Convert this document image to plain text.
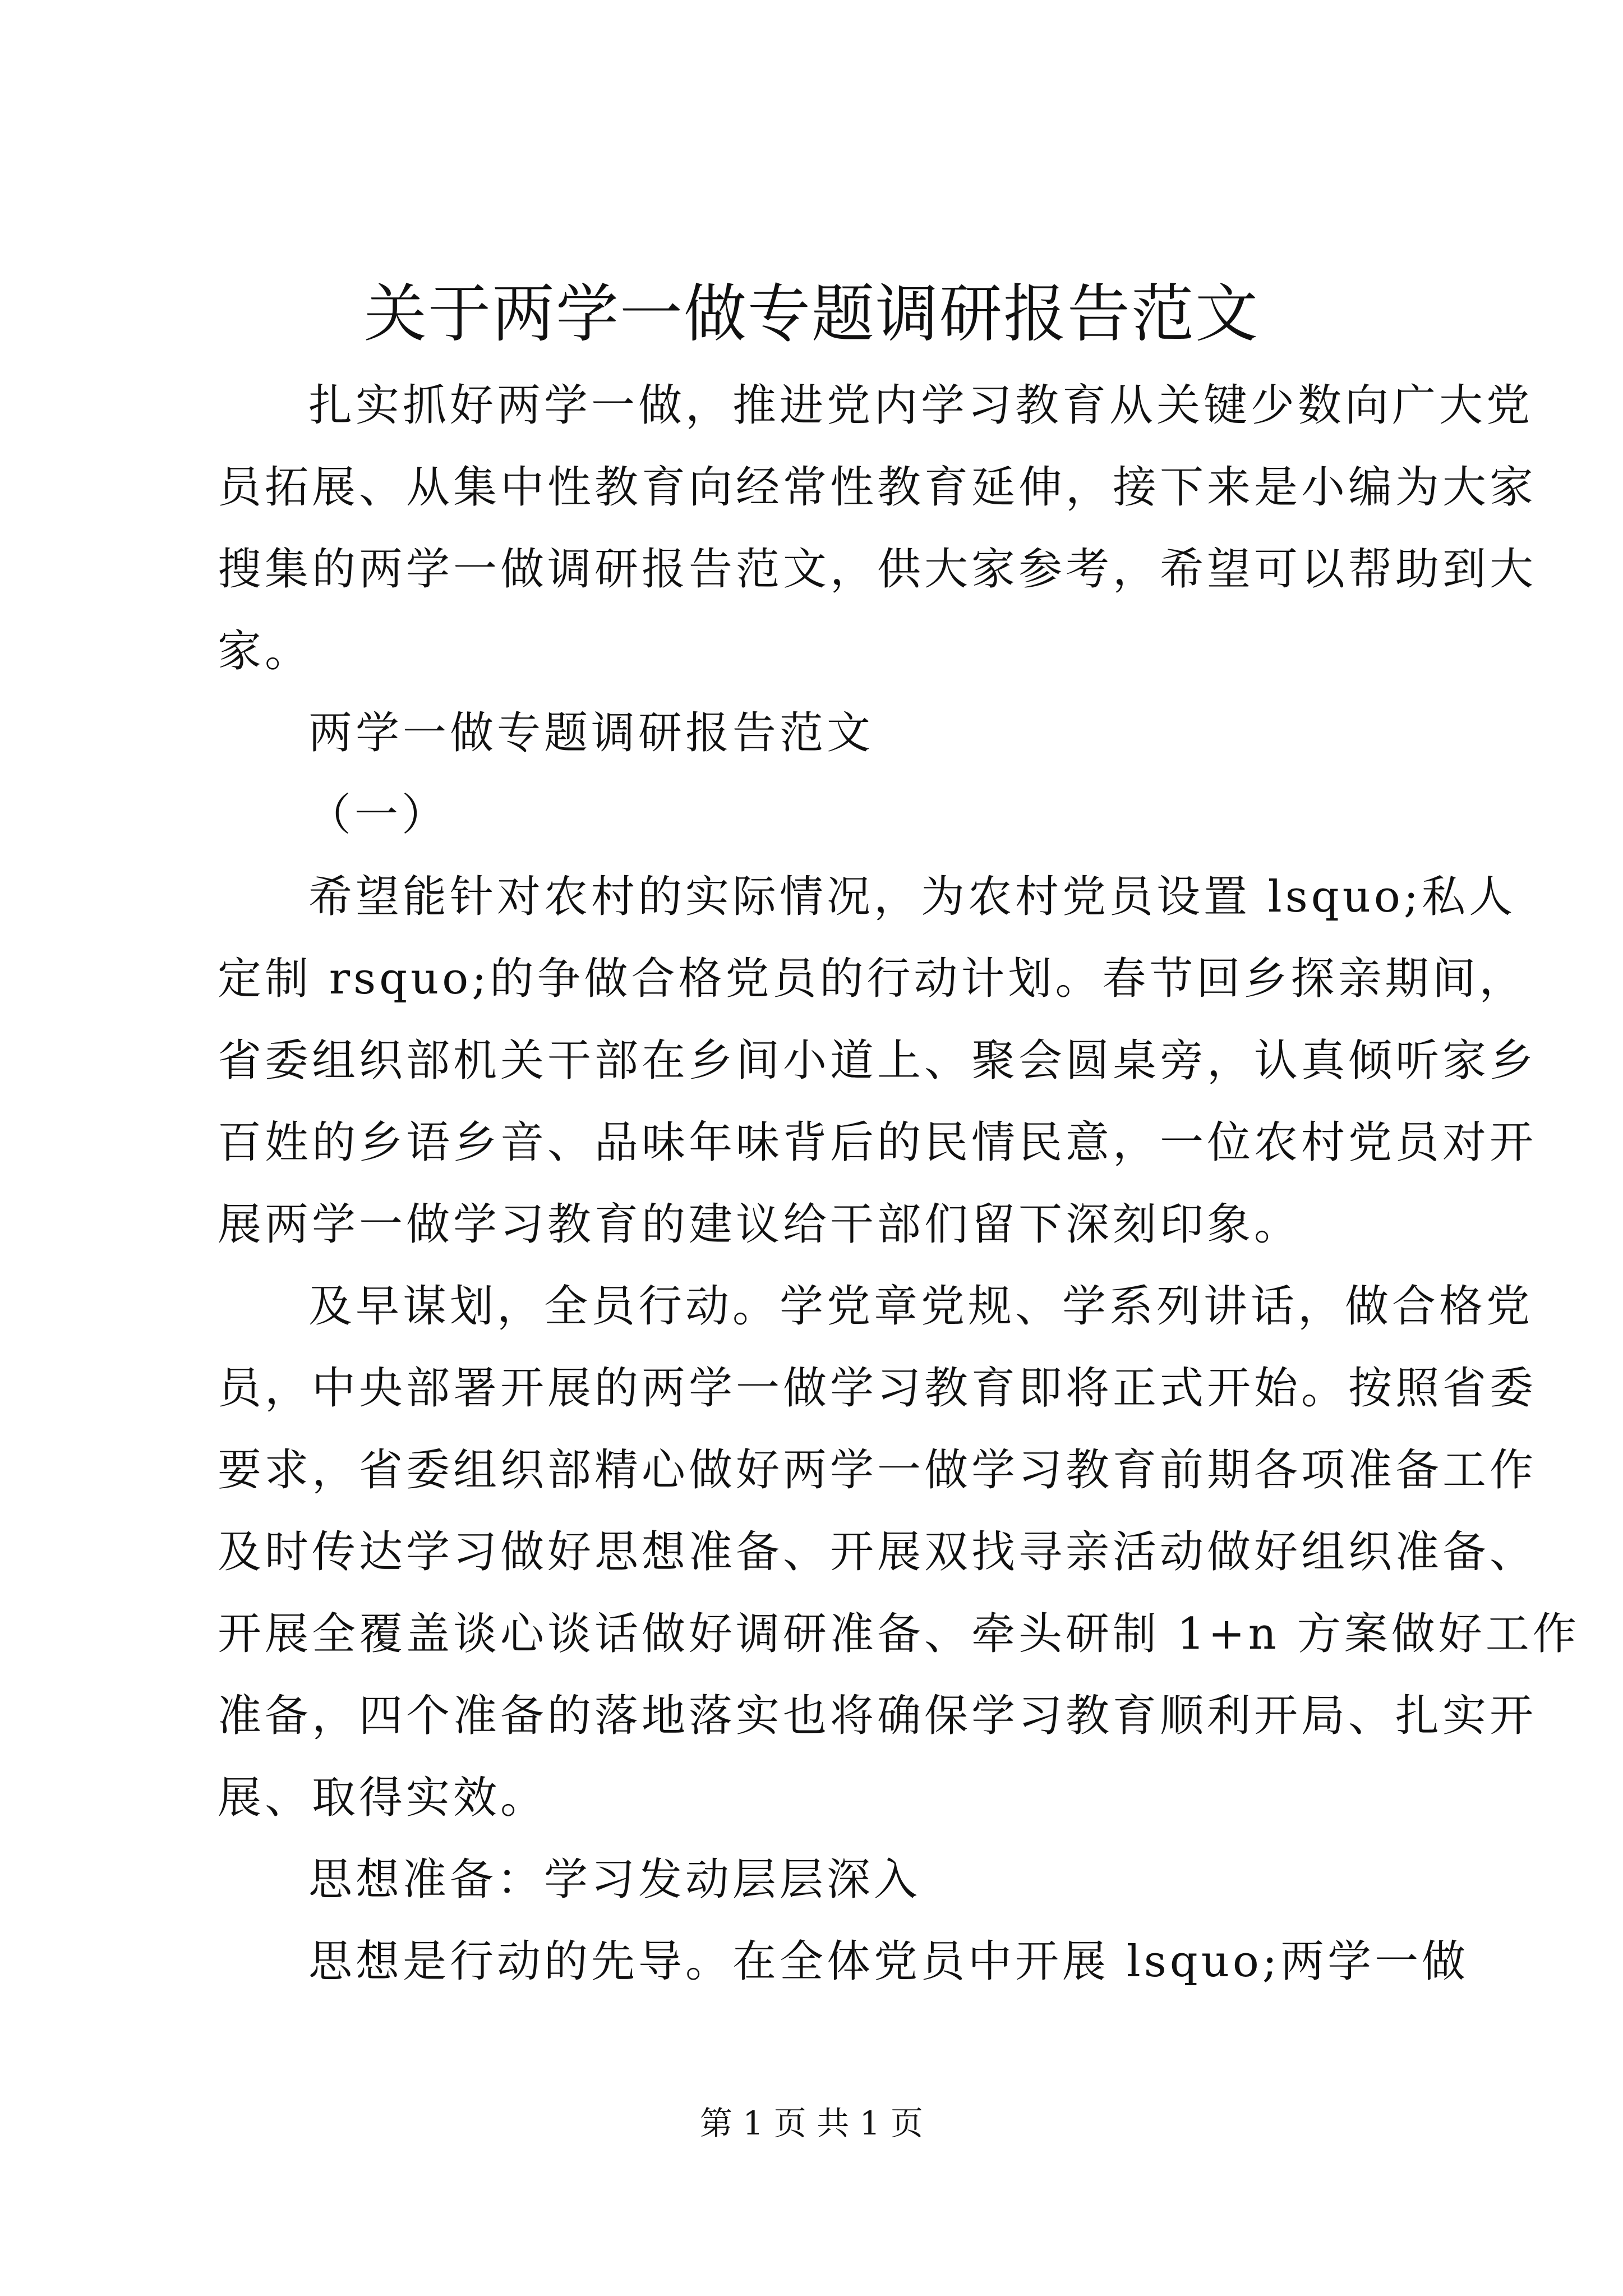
关于两学一做专题调研报告范文
扎实抓好两学一做，推进党内学习教育从关键少数向广大党
员拓展、从集中性教育向经常性教育延伸，接下来是小编为大家
搜集的两学一做调研报告范文，供大家参考，希望可以帮助到大
家。
两学一做专题调研报告范文
（一）
希望能针对农村的实际情况，为农村党员设置 lsquo;私人
定制 rsquo;的争做合格党员的行动计划。春节回乡探亲期间，
省委组织部机关干部在乡间小道上、聚会圆桌旁，认真倾听家乡
百姓的乡语乡音、品味年味背后的民情民意，一位农村党员对开
展两学一做学习教育的建议给干部们留下深刻印象。
及早谋划，全员行动。学党章党规、学系列讲话，做合格党
员，中央部署开展的两学一做学习教育即将正式开始。按照省委
要求，省委组织部精心做好两学一做学习教育前期各项准备工作
及时传达学习做好思想准备、开展双找寻亲活动做好组织准备、
开展全覆盖谈心谈话做好调研准备、牵头研制 1+n 方案做好工作
准备，四个准备的落地落实也将确保学习教育顺利开局、扎实开
展、取得实效。
思想准备：学习发动层层深入
思想是行动的先导。在全体党员中开展 lsquo;两学一做
第 1 页 共 1 页
